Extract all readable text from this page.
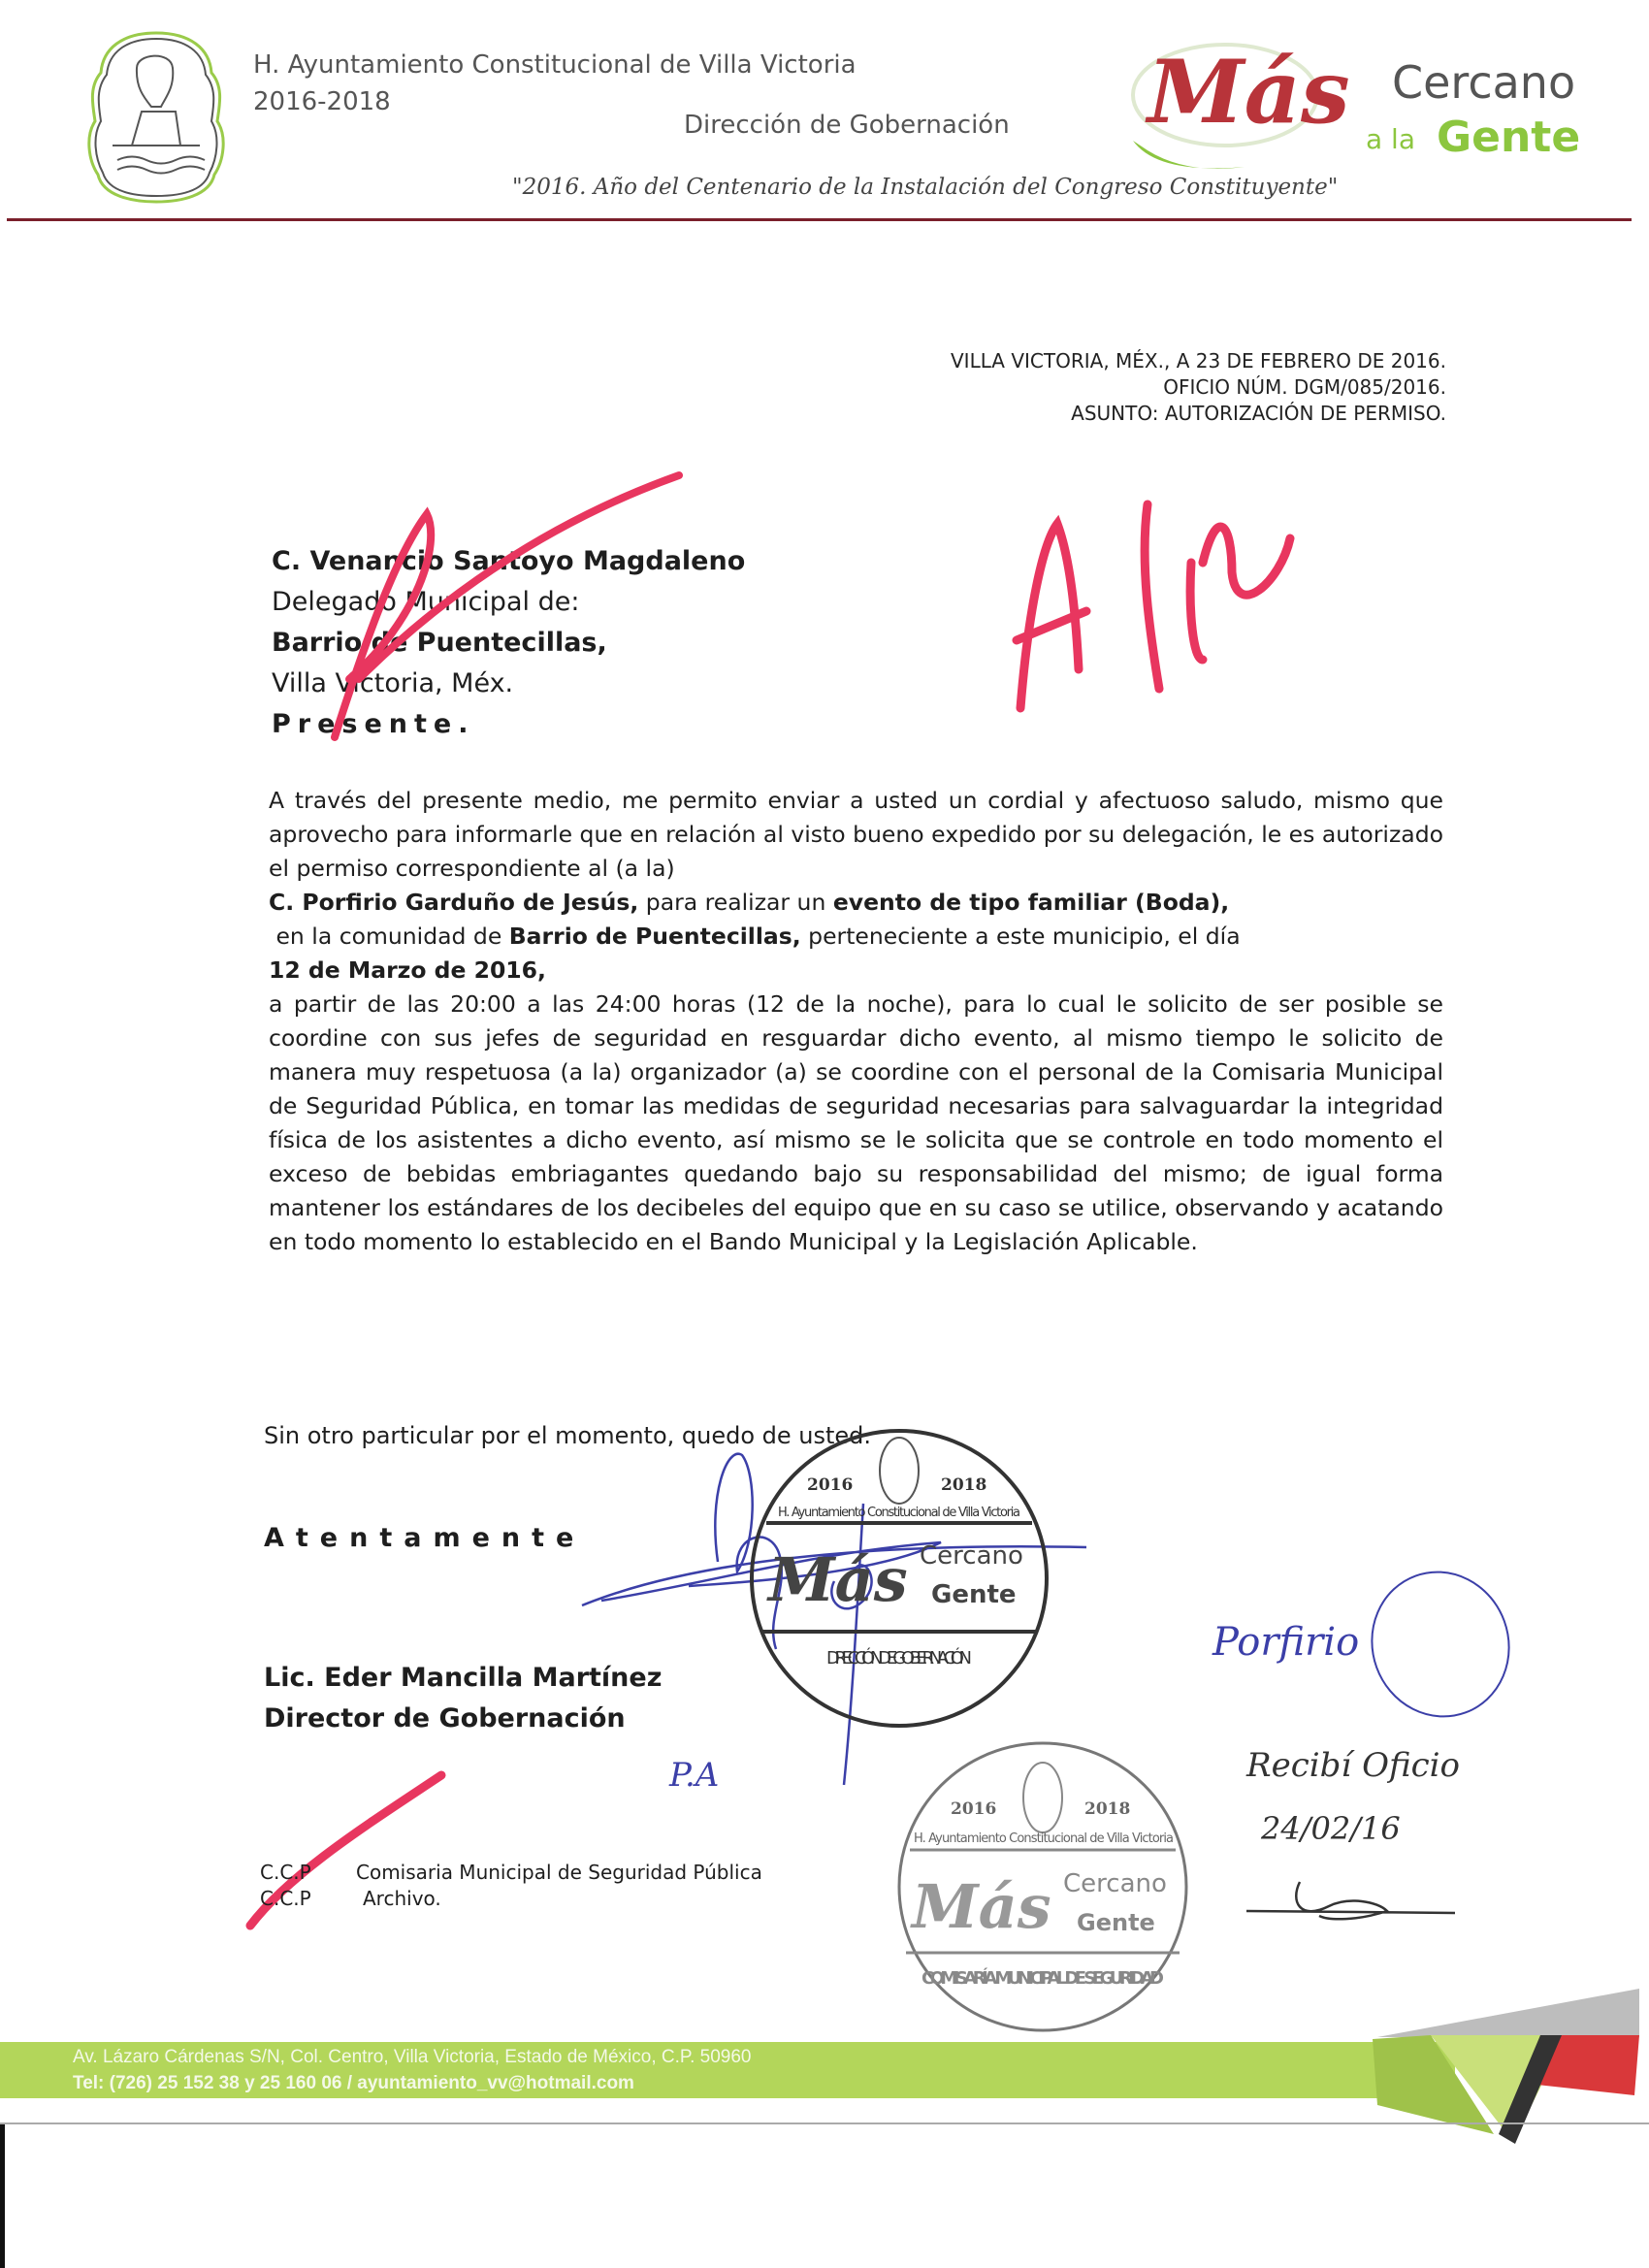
H. Ayuntamiento Constitucional de Villa Victoria
2016-2018
Dirección de Gobernación
"2016. Año del Centenario de la Instalación del Congreso Constituyente"
Más Cercano
a la Gente
VILLA VICTORIA, MÉX., A 23 DE FEBRERO DE 2016.
OFICIO NÚM. DGM/085/2016.
ASUNTO: AUTORIZACIÓN DE PERMISO.
C. Venancio Santoyo Magdaleno
Delegado Municipal de:
Barrio de Puentecillas,
Villa Victoria, Méx.
Presente.
A través del presente medio, me permito enviar a usted un cordial y afectuoso saludo, mismo que aprovecho para informarle que en relación al visto bueno expedido por su delegación, le es autorizado el permiso correspondiente al (a la)
C. Porfirio Garduño de Jesús, para realizar un evento de tipo familiar (Boda),
en la comunidad de Barrio de Puentecillas, perteneciente a este municipio, el día
12 de Marzo de 2016,
a partir de las 20:00 a las 24:00 horas (12 de la noche), para lo cual le solicito de ser posible se coordine con sus jefes de seguridad en resguardar dicho evento, al mismo tiempo le solicito de manera muy respetuosa (a la) organizador (a) se coordine con el personal de la Comisaria Municipal de Seguridad Pública, en tomar las medidas de seguridad necesarias para salvaguardar la integridad física de los asistentes a dicho evento, así mismo se le solicita que se controle en todo momento el exceso de bebidas embriagantes quedando bajo su responsabilidad del mismo; de igual forma mantener los estándares de los decibeles del equipo que en su caso se utilice, observando y acatando en todo momento lo establecido en el Bando Municipal y la Legislación Aplicable.
Sin otro particular por el momento, quedo de usted.
Atentamente
Lic. Eder Mancilla Martínez
Director de Gobernación
2016	2018
H. Ayuntamiento Constitucional de Villa Victoria
Más Cercano
Gente
DIRECCIÓN DE GOBERNACIÓN
P.A
2016	2018
H. Ayuntamiento Constitucional de Villa Victoria
Más Cercano
Gente
COMISARÍA MUNICIPAL DE SEGURIDAD
Porfirio
Recibí Oficio
24/02/16
C.C.P Comisaria Municipal de Seguridad Pública
C.C.P	Archivo.
Av. Lázaro Cárdenas S/N, Col. Centro, Villa Victoria, Estado de México, C.P. 50960
Tel: (726) 25 152 38 y 25 160 06 / ayuntamiento_vv@hotmail.com
